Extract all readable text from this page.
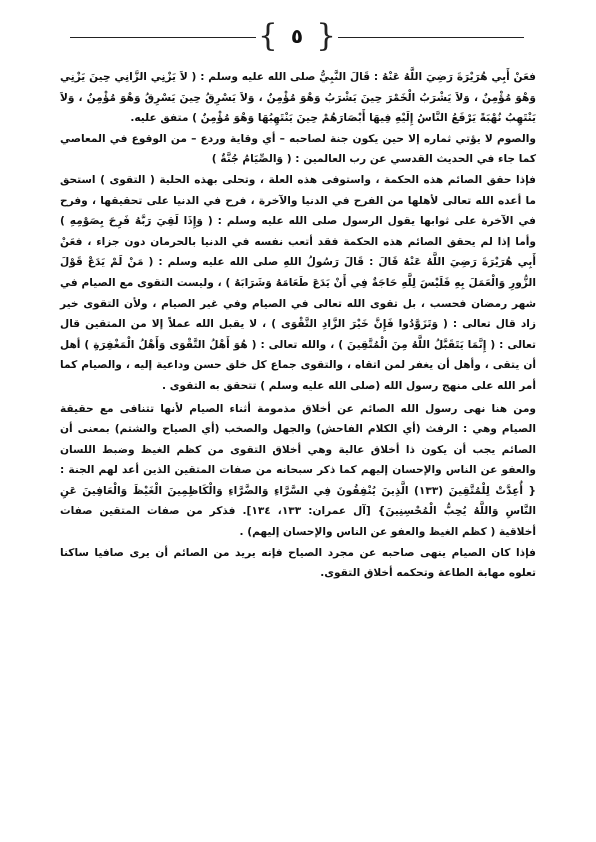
{ ٥ }

فعَنْ أَبِي هُرَيْرَةَ رَضِيَ اللَّهُ عَنْهُ : قَالَ النَّبِيُّ صلى الله عليه وسلم : ( لاَ يَزْنِي الزَّانِي حِينَ يَزْنِي وَهْوَ مُؤْمِنٌ ، وَلاَ يَشْرَبُ الْخَمْرَ حِينَ يَشْرَبُ وَهْوَ مُؤْمِنٌ ، وَلاَ يَسْرِقُ حِينَ يَسْرِقُ وَهْوَ مُؤْمِنٌ ، وَلاَ يَنْتَهِبُ نُهْبَةً يَرْفَعُ النَّاسُ إِلَيْهِ فِيهَا أَبْصَارَهُمْ حِينَ يَنْتَهِبُهَا وَهْوَ مُؤْمِنٌ ) متفق عليه.

والصوم لا يؤتي ثماره إلا حين يكون جنة لصاحبه – أي وقاية وردع – من الوقوع في المعاصي كما جاء في الحديث القدسي عن رب العالمين : ( وَالصِّيَامُ جُنَّةٌ )

فإذا حقق الصائم هذه الحكمة ، واستوفى هذه العلة ، وتحلى بهذه الحلية ( التقوى ) استحق ما أعده الله تعالى لأهلها من الفرح في الدنيا والآخرة ، فرح في الدنيا على تحقيقها ، وفرح في الآخرة على ثوابها يقول الرسول صلى الله عليه وسلم : ( وَإِذَا لَقِيَ رَبَّهُ فَرِحَ بِصَوْمِهِ ) وأما إذا لم يحقق الصائم هذه الحكمة فقد أتعب نفسه في الدنيا بالحرمان دون جزاء ، فعَنْ أَبِي هُرَيْرَةَ رَضِيَ اللَّهُ عَنْهُ قَالَ : قَالَ رَسُولُ اللهِ صلى الله عليه وسلم : ( مَنْ لَمْ يَدَعْ قَوْلَ الزُّورِ وَالْعَمَلَ بِهِ فَلَيْسَ لِلَّهِ حَاجَةٌ فِي أَنْ يَدَعَ طَعَامَهُ وَشَرَابَهُ ) ، وليست التقوى مع الصيام في شهر رمضان فحسب ، بل تقوى الله تعالى في الصيام وفي غير الصيام ، ولأن التقوى خير زاد قال تعالى : ( وَتَزَوَّدُوا فَإِنَّ خَيْرَ الزَّادِ التَّقْوَى ) ، لا يقبل الله عملاً إلا من المتقين قال تعالى : ( إِنَّمَا يَتَقَبَّلُ اللَّهُ مِنَ الْمُتَّقِينَ ) ، والله تعالى : ( هُوَ أَهْلُ التَّقْوَى وَأَهْلُ الْمَغْفِرَةِ ) أهل أن يتقى ، وأهل أن يغفر لمن اتقاه ، والتقوى جماع كل خلق حسن وداعية إليه ، والصيام كما أمر الله على منهج رسول الله (صلى الله عليه وسلم ) تتحقق به التقوى .

ومن هنا نهى رسول الله الصائم عن أخلاق مذمومة أثناء الصيام لأنها تتنافى مع حقيقة الصيام وهي : الرفث (أي الكلام الفاحش) والجهل والصخب (أي الصياح والشتم) بمعنى أن الصائم يجب أن يكون ذا أخلاق عالية وهي أخلاق التقوى من كظم الغيظ وضبط اللسان والعفو عن الناس والإحسان إليهم كما ذكر سبحانه من صفات المتقين الذين أعد لهم الجنة : { أُعِدَّتْ لِلْمُتَّقِينَ (١٣٣) الَّذِينَ يُنْفِقُونَ فِي السَّرَّاءِ وَالضَّرَّاءِ وَالْكَاظِمِينَ الْغَيْظَ وَالْعَافِينَ عَنِ النَّاسِ وَاللَّهُ يُحِبُّ الْمُحْسِنِينَ} [آل عمران: ١٣٣، ١٣٤]. فذكر من صفات المتقين صفات أخلاقية ( كظم الغيظ والعفو عن الناس والإحسان إليهم) .

فإذا كان الصيام ينهى صاحبه عن مجرد الصياح فإنه يريد من الصائم أن يرى صافيا ساكنا تعلوه مهابة الطاعة وتحكمه أخلاق التقوى.
